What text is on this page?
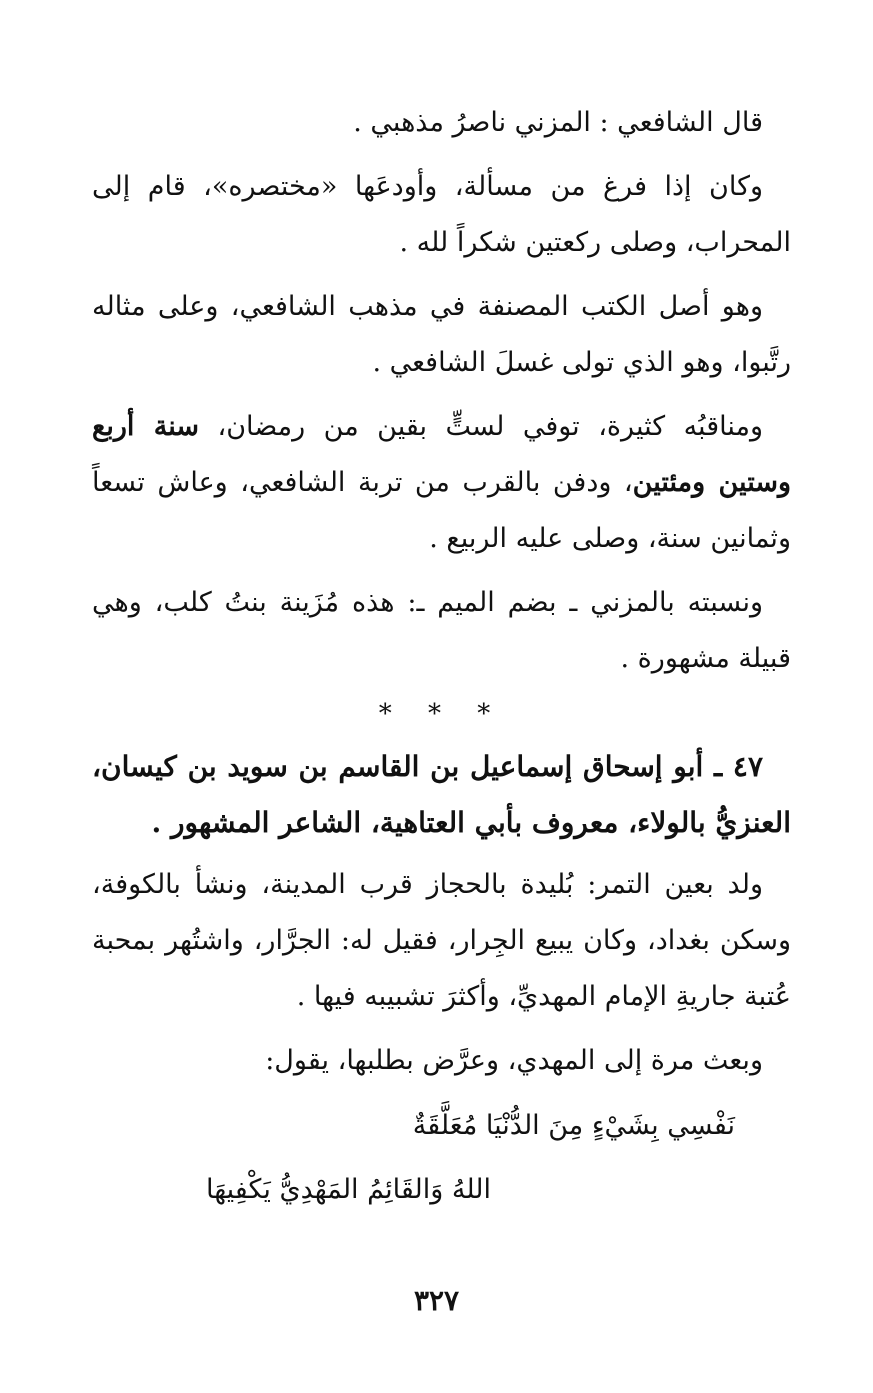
قال الشافعي : المزني ناصرُ مذهبي .

وكان إذا فرغ من مسألة، وأودعَها «مختصره»، قام إلى المحراب، وصلى ركعتين شكراً لله .

وهو أصل الكتب المصنفة في مذهب الشافعي، وعلى مثاله رتَّبوا، وهو الذي تولى غسلَ الشافعي .

ومناقبُه كثيرة، توفي لستٍّ بقين من رمضان، سنة أربع وستين ومئتين، ودفن بالقرب من تربة الشافعي، وعاش تسعاً وثمانين سنة، وصلى عليه الربيع .

ونسبته بالمزني ـ بضم الميم ـ: هذه مُزَينة بنتُ كلب، وهي قبيلة مشهورة .

* * *

٤٧ ـ أبو إسحاق إسماعيل بن القاسم بن سويد بن كيسان، العنزيُّ بالولاء، معروف بأبي العتاهية، الشاعر المشهور .

ولد بعين التمر: بُليدة بالحجاز قرب المدينة، ونشأ بالكوفة، وسكن بغداد، وكان يبيع الجِرار، فقيل له: الجرَّار، واشتُهر بمحبة عُتبة جاريةِ الإمام المهديِّ، وأكثرَ تشبيبه فيها .

وبعث مرة إلى المهدي، وعرَّض بطلبها، يقول:

نَفْسِي بِشَيْءٍ مِنَ الدُّنْيَا مُعَلَّقَةٌ
اللهُ وَالقَائِمُ المَهْدِيُّ يَكْفِيهَا
٣٢٧
